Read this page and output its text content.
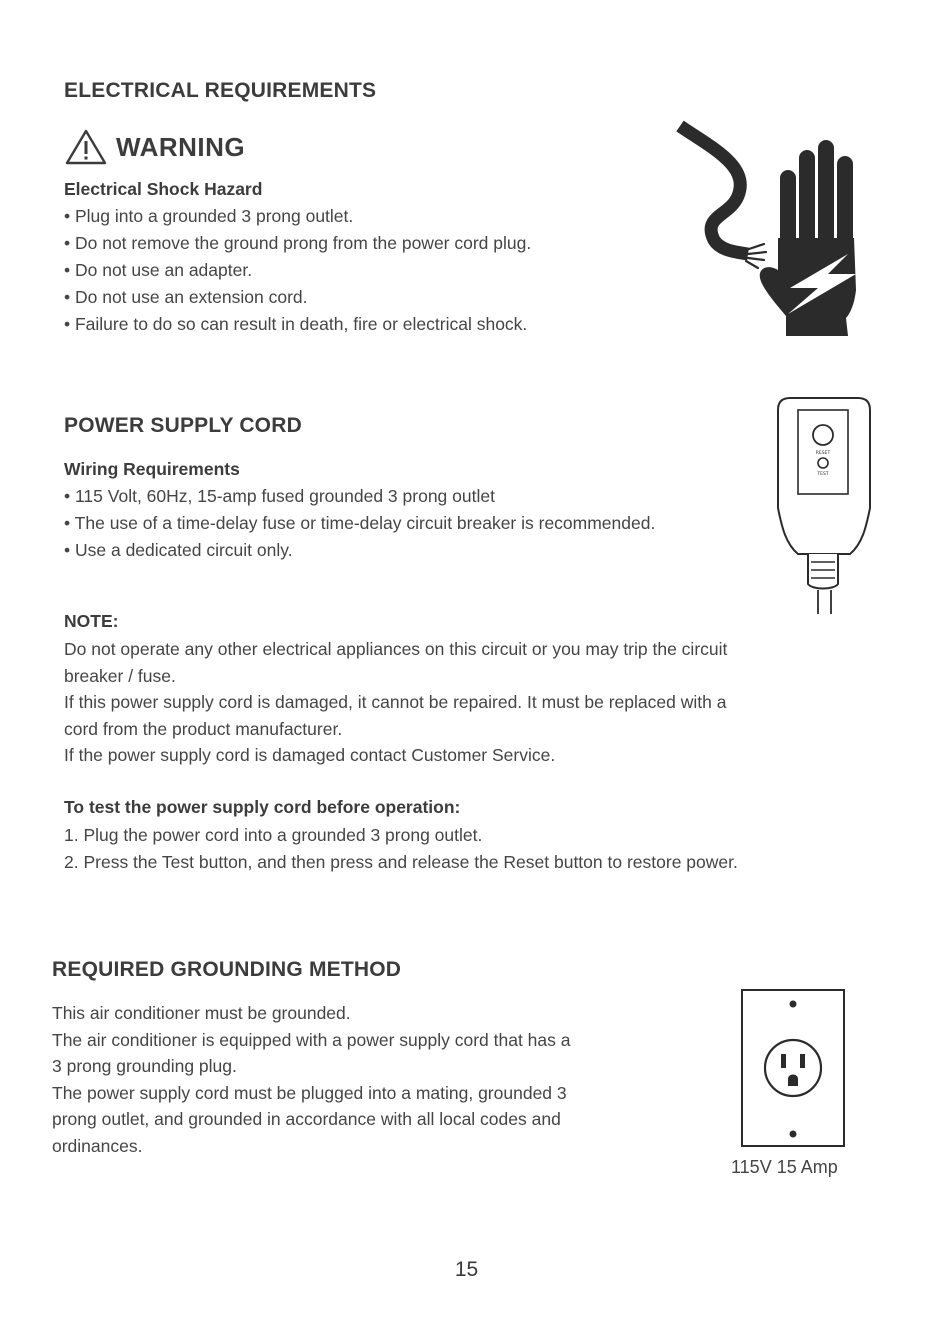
ELECTRICAL REQUIREMENTS
WARNING
Electrical Shock Hazard
• Plug into a grounded 3 prong outlet.
• Do not remove the ground prong from the power cord plug.
• Do not use an adapter.
• Do not use an extension cord.
• Failure to do so can result in death, fire or electrical shock.
POWER SUPPLY CORD
Wiring Requirements
• 115 Volt, 60Hz, 15-amp fused grounded 3 prong outlet
• The use of a time-delay fuse or time-delay circuit breaker is recommended.
• Use a dedicated circuit only.
RESET
TEST
NOTE:
Do not operate any other electrical appliances on this circuit or you may trip the circuit
breaker / fuse.
If this power supply cord is damaged, it cannot be repaired. It must be replaced with a
cord from the product manufacturer.
If the power supply cord is damaged contact Customer Service.
To test the power supply cord before operation:
1. Plug the power cord into a grounded 3 prong outlet.
2. Press the Test button, and then press and release the Reset button to restore power.
REQUIRED GROUNDING METHOD
This air conditioner must be grounded.
The air conditioner is equipped with a power supply cord that has a
3 prong grounding plug.
The power supply cord must be plugged into a mating, grounded 3
prong outlet, and grounded in accordance with all local codes and
ordinances.
115V 15 Amp
15
